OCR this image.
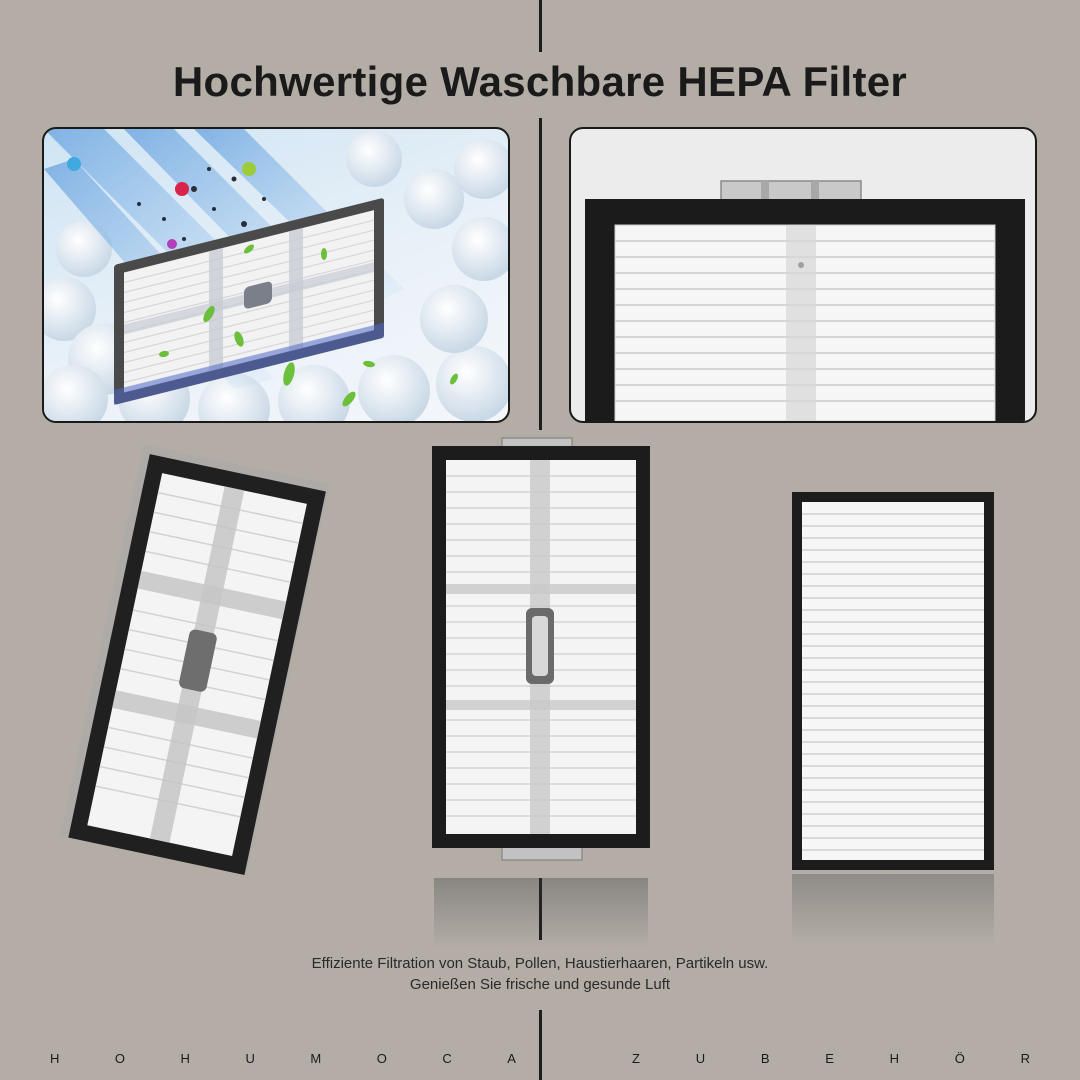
Hochwertige Waschbare HEPA Filter
Effiziente Filtration von Staub, Pollen, Haustierhaaren, Partikeln usw.
Genießen Sie frische und gesunde Luft
H	O	H	U	M	O	C	A	Z	U	B	E	H	Ö	R
